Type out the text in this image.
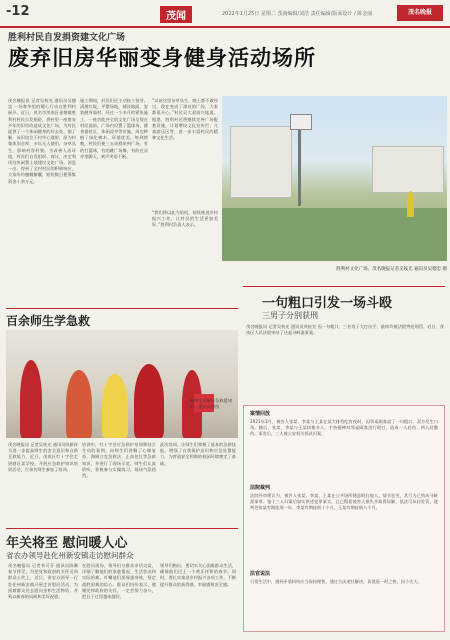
-12	茂闻	2022年1月25日 星期二 茂南编辑/刘浩 责任编辑/版面设计 / 陈金丽	茂名晚报
胜利村民自发捐资建文化广场
废弃旧房华丽变身健身活动场所
茂名晚报讯 记者吴枝光 通讯员吴德忠 一场寒冬里的暖心行动在胜利村展开。近日，茂名市茂南区金塘镇胜利村村民自发捐资，将村里一座废弃多年的旧房改造成文化广场，为村民提供了一个休闲健身的好去处。据了解，该旧房位于村中心地带，原为村集体旧仓库，多年无人使用，杂草丛生，影响村容村貌。为改善人居环境，村民们自发组织、商议，决定利用这块闲置土地建设文化广场。消息一出，得到了全村村民的积极响应，大家纷纷慷慨解囊，短短数日便筹集资金十余万元。
施工期间，村民们还主动投工投劳，清理垃圾，平整场地，铺设地面，安装健身器材。经过一个多月的紧张施工，一座功能齐全的文化广场呈现在村民面前。广场内设置了篮球场、健身器材区、休闲凉亭等设施，周边种植了绿化树木，环境优美。每到傍晚，村民们便三五成群来到广场，有的打篮球，有的跳广场舞，有的在凉亭里聊天，欢声笑语不断。
“以前这里杂草丛生，晚上都不敢经过，现在变成了漂亮的广场，大家都很开心。”村民吴大叔高兴地说。据悉，胜利村还将继续完善广场配套设施，计划增设文化宣传栏、儿童游乐区等，进一步丰富村民的精神文化生活。
“我们将以此为契机，持续推进乡村振兴工作，让村民的生活更加美好。”胜利村负责人表示。
胜利村文化广场。茂名晚报记者吴枝光 通讯员吴德忠 摄
百余师生学急救
向师生讲解应急救援知识。通讯员供图
茂名晚报讯 记者吴枝光 通讯员陈新祥 为进一步提高师生的安全意识和自救互救能力，近日，茂南区红十字会走进辖区某学校，开展应急救护知识培训活动，百余名师生参加了培训。
培训中，红十字会应急救护培训师结合生动的案例，向师生们讲解了心肺复苏、海姆立克急救法、止血包扎等急救知识，并进行了现场示范。师生们认真聆听，积极参与实操练习，现场气氛热烈。
此次培训，让师生们掌握了基本的急救技能，增强了自我保护意识和应急处置能力，为营造安全和谐的校园环境奠定了基础。
年关将至 慰问暖人心
省农办领导赴化州新安镇走访慰问群众
茂名晚报讯 记者李可芬 通讯员陈琳 春节将至，为把党和政府的关怀送到群众心坎上，近日，省农办领导一行赴化州新安镇开展走访慰问活动，为困难群众送去慰问金和生活物资，并致以新春的问候和美好祝愿。
在慰问现场，领导们与群众亲切交谈，详细了解他们的家庭情况、生活状况和实际困难，叮嘱他们要保重身体，坚定战胜困难的信心。群众们纷纷表示，感谢党和政府的关怀，一定会努力奋斗，把日子过得越来越好。
领导们指出，要切实关心困难群众生活，确保他们过上一个欢乐祥和的春节。同时，要扎实推进乡村振兴各项工作，不断提升群众的获得感、幸福感和安全感。
一句粗口引发一场斗殴
三男子分别获刑
茂名晚报讯 记者吴枝光 通讯员茂检宣 因一句粗口，三名男子大打出手，最终均被法院判处刑罚。近日，茂南区人民法院审结了这起寻衅滋事案。
案情回放
2021年3月，被告人张某、李某与王某在某大排档吃宵夜时，因邻桌顾客说了一句粗口，双方发生口角。随后，张某、李某与王某纠集多人，手持棍棒对邻桌顾客进行殴打，造成一人轻伤、两人轻微伤。事发后，三人被公安机关抓获归案。
法院裁判
法院经审理认为，被告人张某、李某、王某在公共场所随意殴打他人，情节恶劣，其行为已构成寻衅滋事罪。鉴于三人归案后如实供述犯罪事实，且已赔偿被害人损失并取得谅解，依法可从轻处罚。遂判处张某有期徒刑一年，李某有期徒刑十个月，王某有期徒刑八个月。
法官说法
日常生活中，遇到矛盾纠纷应当保持理智，通过合法途径解决，切莫逞一时之快，因小失大。
